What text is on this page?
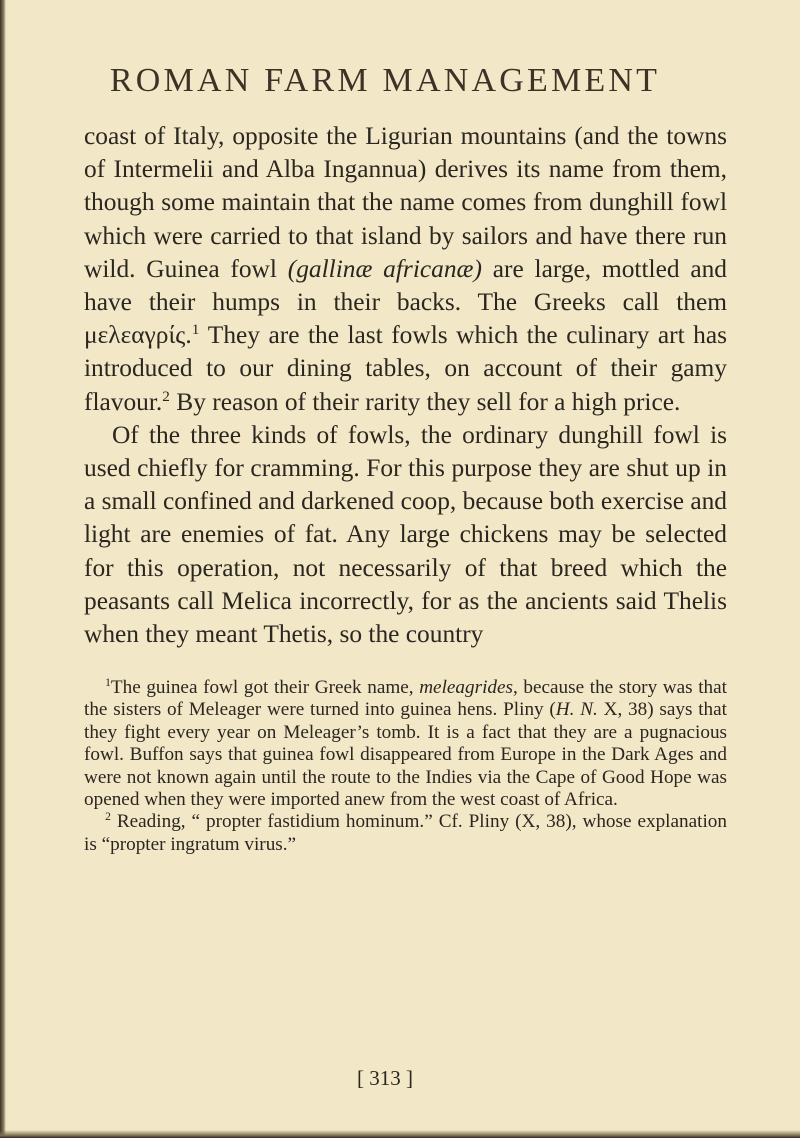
ROMAN FARM MANAGEMENT

coast of Italy, opposite the Ligurian mountains (and the towns of Intermelii and Alba Ingannua) derives its name from them, though some maintain that the name comes from dunghill fowl which were carried to that island by sailors and have there run wild. Guinea fowl (gallinæ africanæ) are large, mottled and have their humps in their backs. The Greeks call them μελεαγρίς.$^1$ They are the last fowls which the culinary art has introduced to our dining tables, on account of their gamy flavour.$^2$ By reason of their rarity they sell for a high price.

Of the three kinds of fowls, the ordinary dunghill fowl is used chiefly for cramming. For this purpose they are shut up in a small confined and darkened coop, because both exercise and light are enemies of fat. Any large chickens may be selected for this operation, not necessarily of that breed which the peasants call Melica incorrectly, for as the ancients said Thelis when they meant Thetis, so the country

$^1$The guinea fowl got their Greek name, meleagrides, because the story was that the sisters of Meleager were turned into guinea hens. Pliny (H. N. X, 38) says that they fight every year on Meleager’s tomb. It is a fact that they are a pugnacious fowl. Buffon says that guinea fowl disappeared from Europe in the Dark Ages and were not known again until the route to the Indies via the Cape of Good Hope was opened when they were imported anew from the west coast of Africa.

$^2$ Reading, “ propter fastidium hominum.” Cf. Pliny (X, 38), whose explanation is “propter ingratum virus.”

[ 313 ]
